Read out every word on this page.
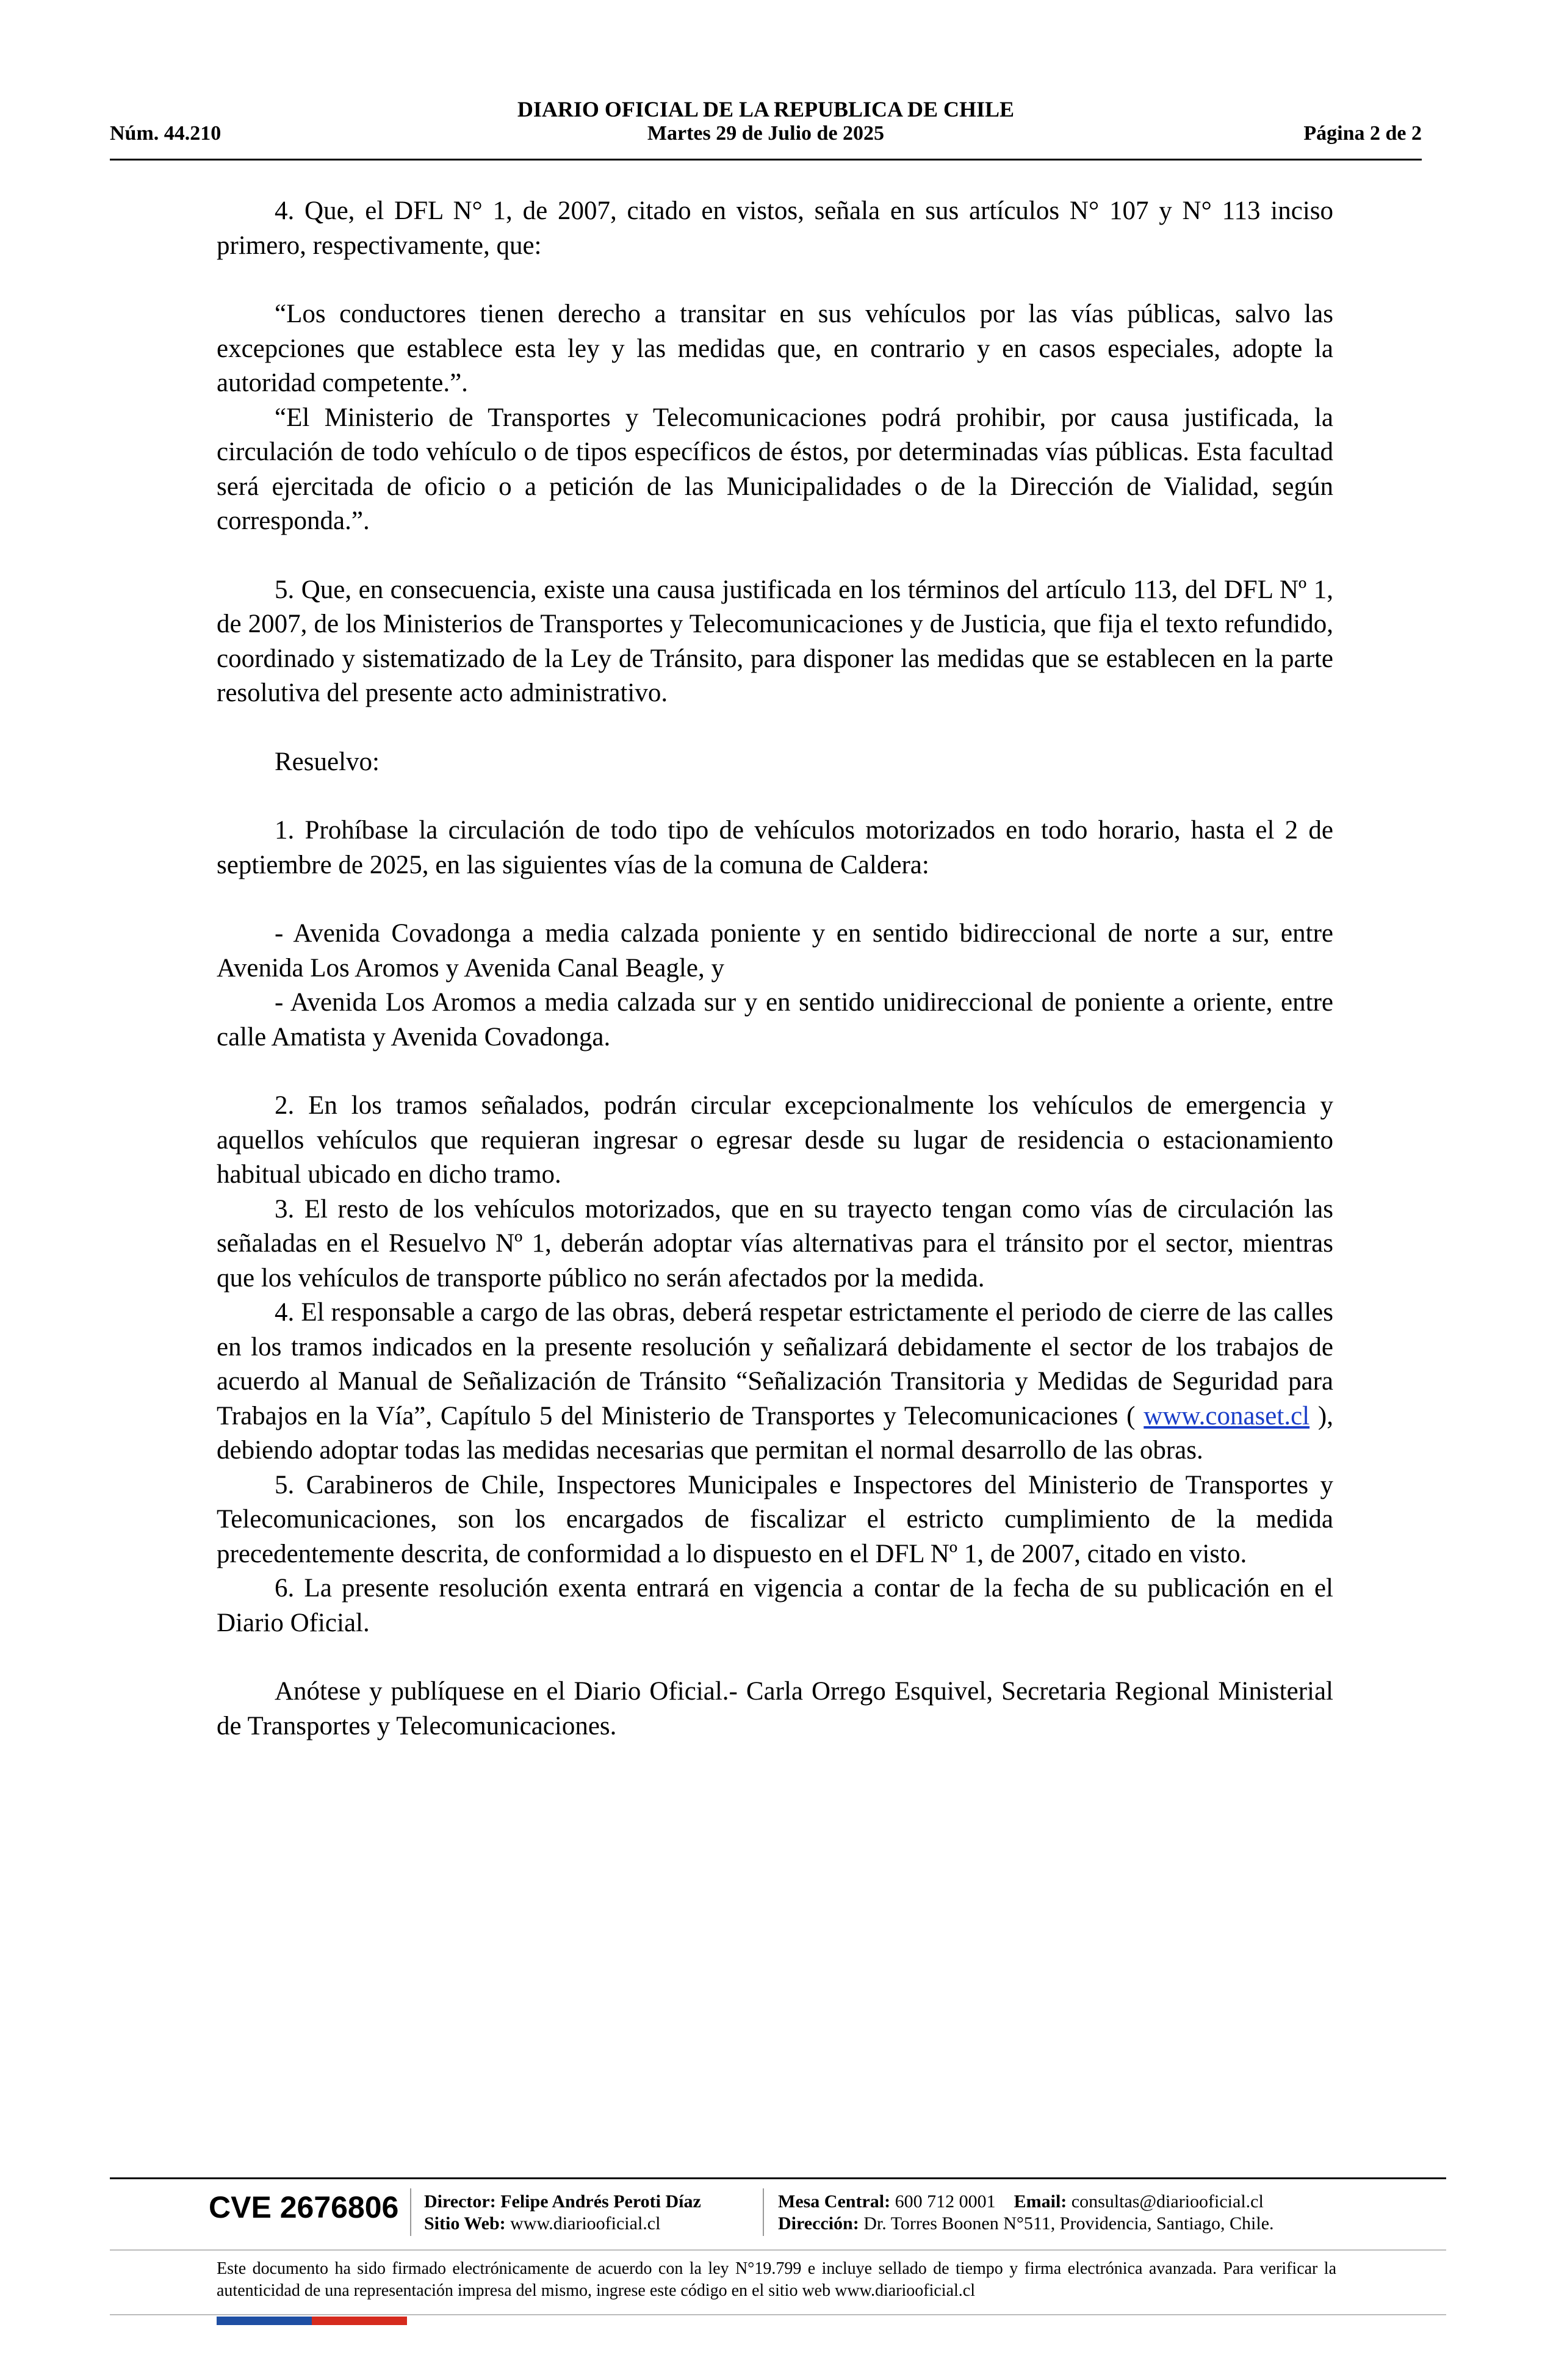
DIARIO OFICIAL DE LA REPUBLICA DE CHILE
Núm. 44.210	Martes 29 de Julio de 2025	Página 2 de 2

4. Que, el DFL N° 1, de 2007, citado en vistos, señala en sus artículos N° 107 y N° 113 inciso primero, respectivamente, que:

“Los conductores tienen derecho a transitar en sus vehículos por las vías públicas, salvo las excepciones que establece esta ley y las medidas que, en contrario y en casos especiales, adopte la autoridad competente.”.

“El Ministerio de Transportes y Telecomunicaciones podrá prohibir, por causa justificada, la circulación de todo vehículo o de tipos específicos de éstos, por determinadas vías públicas. Esta facultad será ejercitada de oficio o a petición de las Municipalidades o de la Dirección de Vialidad, según corresponda.”.

5. Que, en consecuencia, existe una causa justificada en los términos del artículo 113, del DFL Nº 1, de 2007, de los Ministerios de Transportes y Telecomunicaciones y de Justicia, que fija el texto refundido, coordinado y sistematizado de la Ley de Tránsito, para disponer las medidas que se establecen en la parte resolutiva del presente acto administrativo.

Resuelvo:

1. Prohíbase la circulación de todo tipo de vehículos motorizados en todo horario, hasta el 2 de septiembre de 2025, en las siguientes vías de la comuna de Caldera:

- Avenida Covadonga a media calzada poniente y en sentido bidireccional de norte a sur, entre Avenida Los Aromos y Avenida Canal Beagle, y

- Avenida Los Aromos a media calzada sur y en sentido unidireccional de poniente a oriente, entre calle Amatista y Avenida Covadonga.

2. En los tramos señalados, podrán circular excepcionalmente los vehículos de emergencia y aquellos vehículos que requieran ingresar o egresar desde su lugar de residencia o estacionamiento habitual ubicado en dicho tramo.

3. El resto de los vehículos motorizados, que en su trayecto tengan como vías de circulación las señaladas en el Resuelvo Nº 1, deberán adoptar vías alternativas para el tránsito por el sector, mientras que los vehículos de transporte público no serán afectados por la medida.

4. El responsable a cargo de las obras, deberá respetar estrictamente el periodo de cierre de las calles en los tramos indicados en la presente resolución y señalizará debidamente el sector de los trabajos de acuerdo al Manual de Señalización de Tránsito “Señalización Transitoria y Medidas de Seguridad para Trabajos en la Vía”, Capítulo 5 del Ministerio de Transportes y Telecomunicaciones ( www.conaset.cl ), debiendo adoptar todas las medidas necesarias que permitan el normal desarrollo de las obras.

5. Carabineros de Chile, Inspectores Municipales e Inspectores del Ministerio de Transportes y Telecomunicaciones, son los encargados de fiscalizar el estricto cumplimiento de la medida precedentemente descrita, de conformidad a lo dispuesto en el DFL Nº 1, de 2007, citado en visto.

6. La presente resolución exenta entrará en vigencia a contar de la fecha de su publicación en el Diario Oficial.

Anótese y publíquese en el Diario Oficial.- Carla Orrego Esquivel, Secretaria Regional Ministerial de Transportes y Telecomunicaciones.

CVE 2676806 Director: Felipe Andrés Peroti Díaz
Sitio Web: www.diariooficial.cl
Mesa Central: 600 712 0001 Email: consultas@diariooficial.cl
Dirección: Dr. Torres Boonen N°511, Providencia, Santiago, Chile.
Este documento ha sido firmado electrónicamente de acuerdo con la ley N°19.799 e incluye sellado de tiempo y firma electrónica avanzada. Para verificar la autenticidad de una representación impresa del mismo, ingrese este código en el sitio web www.diariooficial.cl
